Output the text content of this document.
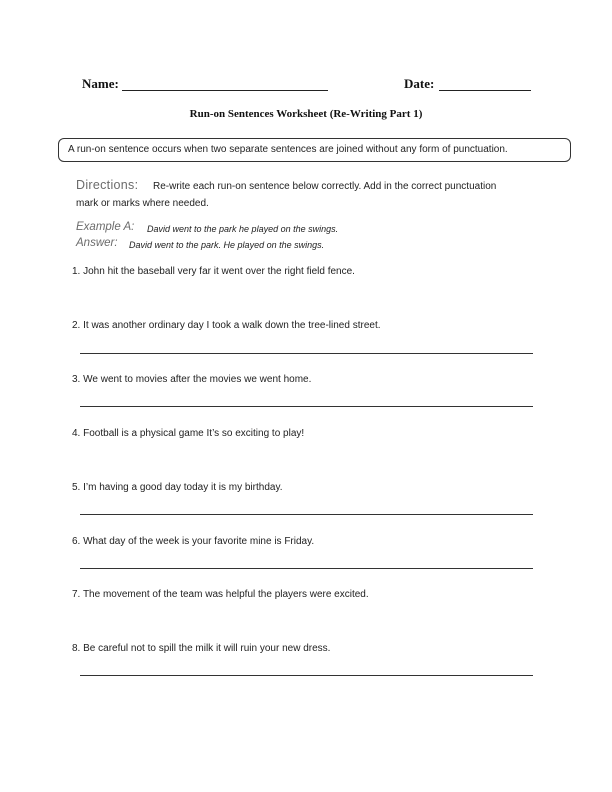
Name:	Date:
Run-on Sentences Worksheet (Re-Writing Part 1)
A run-on sentence occurs when two separate sentences are joined without any form of punctuation.
Directions: Re-write each run-on sentence below correctly. Add in the correct punctuation
mark or marks where needed.
Example A: David went to the park he played on the swings.
Answer: David went to the park. He played on the swings.
1. John hit the baseball very far it went over the right field fence.
2. It was another ordinary day I took a walk down the tree-lined street.
3. We went to movies after the movies we went home.
4. Football is a physical game It’s so exciting to play!
5. I’m having a good day today it is my birthday.
6. What day of the week is your favorite mine is Friday.
7. The movement of the team was helpful the players were excited.
8. Be careful not to spill the milk it will ruin your new dress.
